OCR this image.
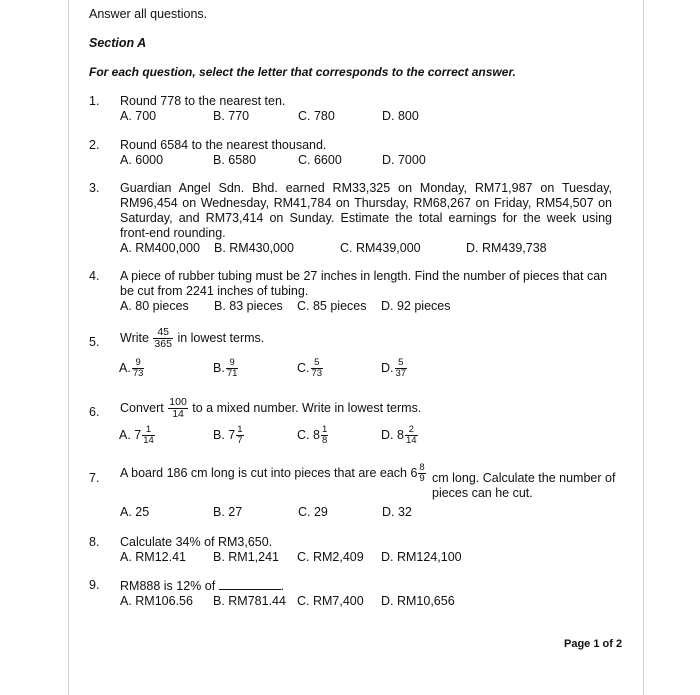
Answer all questions.
Section A
For each question, select the letter that corresponds to the correct answer.
1. Round 778 to the nearest ten.
A. 700	B. 770	C. 780	D. 800
2. Round 6584 to the nearest thousand.
A. 6000	B. 6580	C. 6600	D. 7000
3. Guardian Angel Sdn. Bhd. earned RM33,325 on Monday, RM71,987 on Tuesday, RM96,454 on Wednesday, RM41,784 on Thursday, RM68,267 on Friday, RM54,507 on Saturday, and RM73,414 on Sunday. Estimate the total earnings for the week using front-end rounding.
A. RM400,000 B. RM430,000	C. RM439,000	D. RM439,738
4. A piece of rubber tubing must be 27 inches in length. Find the number of pieces that can be cut from 2241 inches of tubing.
A. 80 pieces B. 83 pieces C. 85 pieces D. 92 pieces
5. Write $\frac{45}{365}$ in lowest terms.
A. $\frac{9}{73}$	B. $\frac{9}{71}$	C. $\frac{5}{73}$	D. $\frac{5}{37}$
6. Convert $\frac{100}{14}$ to a mixed number. Write in lowest terms.
A. $7 \frac{1}{14}$	B. $7 \frac{1}{7}$	C. $8 \frac{1}{8}$	D. $8 \frac{2}{14}$
7. A board 186 cm long is cut into pieces that are each $6 \frac{8}{9}$ cm long. Calculate the number of pieces can he cut.
A. 25	B. 27	C. 29	D. 32
8. Calculate 34% of RM3,650.
A. RM12.41 B. RM1,241 C. RM2,409 D. RM124,100
9. RM888 is 12% of	.
A. RM106.56 B. RM781.44 C. RM7,400 D. RM10,656
Page 1 of 2
